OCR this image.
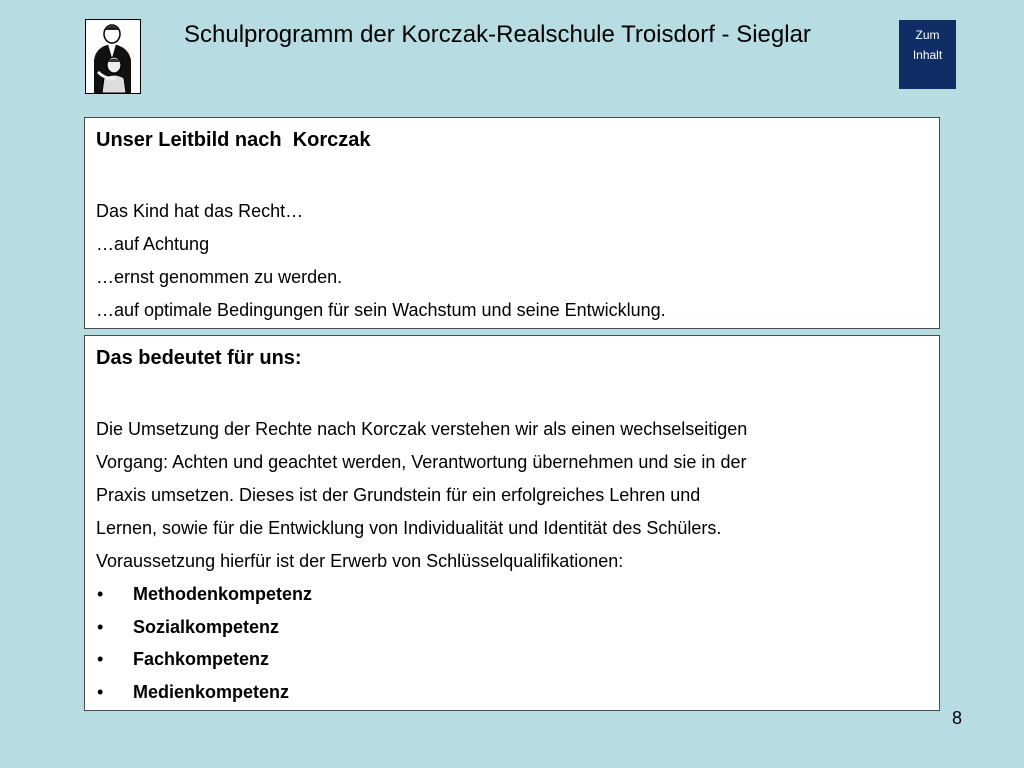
Schulprogramm der Korczak-Realschule Troisdorf - Sieglar	Zum
Inhalt

Unser Leitbild nach  Korczak

Das Kind hat das Recht…

…auf Achtung

…ernst genommen zu werden.

…auf optimale Bedingungen für sein Wachstum und seine Entwicklung.

Das bedeutet für uns:

Die Umsetzung der Rechte nach Korczak verstehen wir als einen wechselseitigen

Vorgang: Achten und geachtet werden, Verantwortung übernehmen und sie in der

Praxis umsetzen. Dieses ist der Grundstein für ein erfolgreiches Lehren und

Lernen, sowie für die Entwicklung von Individualität und Identität des Schülers.

Voraussetzung hierfür ist der Erwerb von Schlüsselqualifikationen:

• Methodenkompetenz
• Sozialkompetenz
• Fachkompetenz
• Medienkompetenz
8
